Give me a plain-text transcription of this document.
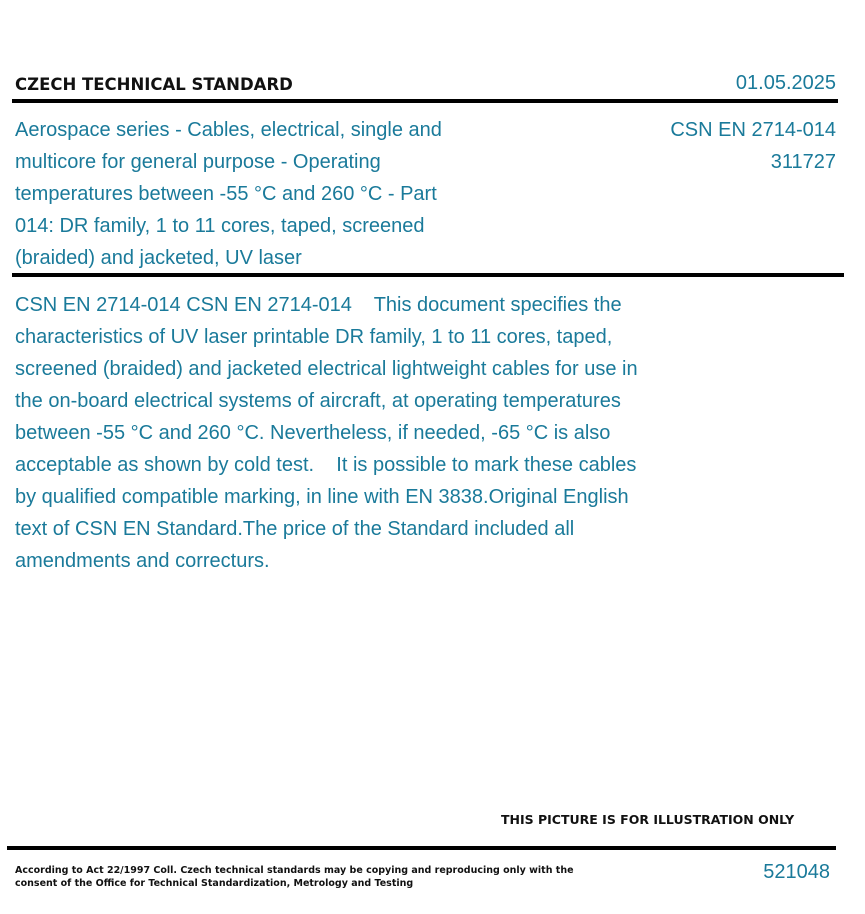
CZECH TECHNICAL STANDARD	01.05.2025
Aerospace series - Cables, electrical, single and multicore for general purpose - Operating temperatures between -55 °C and 260 °C - Part 014: DR family, 1 to 11 cores, taped, screened (braided) and jacketed, UV laser
CSN EN 2714-014
311727
CSN EN 2714-014 CSN EN 2714-014    This document specifies the characteristics of UV laser printable DR family, 1 to 11 cores, taped, screened (braided) and jacketed electrical lightweight cables for use in the on-board electrical systems of aircraft, at operating temperatures between -55 °C and 260 °C. Nevertheless, if needed, -65 °C is also acceptable as shown by cold test.    It is possible to mark these cables by qualified compatible marking, in line with EN 3838.Original English text of CSN EN Standard.The price of the Standard included all amendments and correcturs.
THIS PICTURE IS FOR ILLUSTRATION ONLY
According to Act 22/1997 Coll. Czech technical standards may be copying and reproducing only with the consent of the Office for Technical Standardization, Metrology and Testing
521048
